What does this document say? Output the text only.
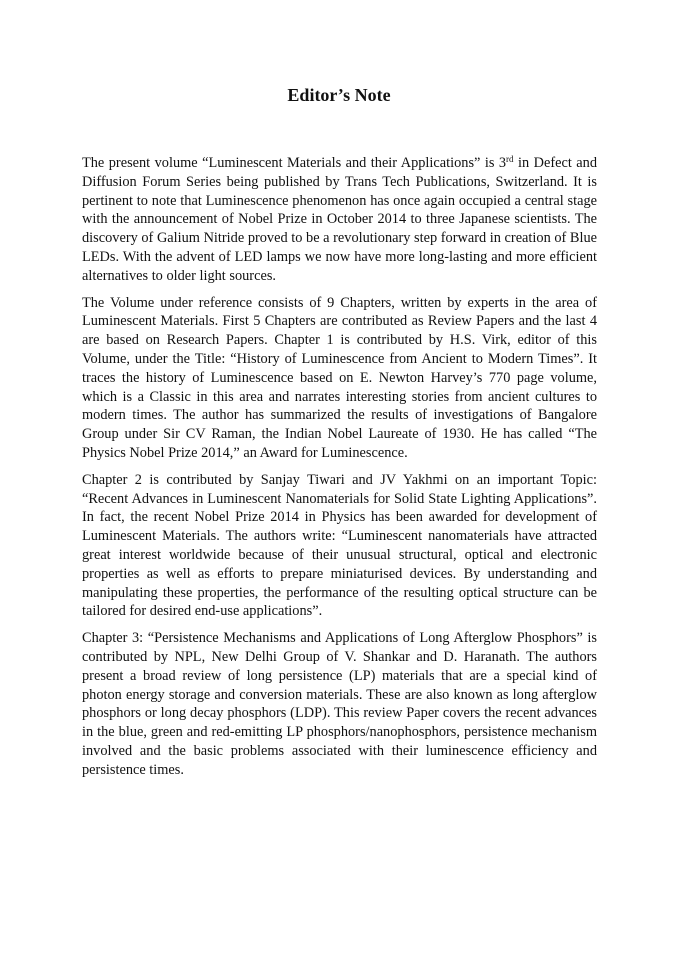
Editor’s Note

The present volume “Luminescent Materials and their Applications” is 3rd in Defect and Diffusion Forum Series being published by Trans Tech Publications, Switzerland. It is pertinent to note that Luminescence phenomenon has once again occupied a central stage with the announcement of Nobel Prize in October 2014 to three Japanese scientists. The discovery of Galium Nitride proved to be a revolutionary step forward in creation of Blue LEDs. With the advent of LED lamps we now have more long-lasting and more efficient alternatives to older light sources.

The Volume under reference consists of 9 Chapters, written by experts in the area of Luminescent Materials. First 5 Chapters are contributed as Review Papers and the last 4 are based on Research Papers. Chapter 1 is contributed by H.S. Virk, editor of this Volume, under the Title: “History of Luminescence from Ancient to Modern Times”. It traces the history of Luminescence based on E. Newton Harvey’s 770 page volume, which is a Classic in this area and narrates interesting stories from ancient cultures to modern times. The author has summarized the results of investigations of Bangalore Group under Sir CV Raman, the Indian Nobel Laureate of 1930. He has called “The Physics Nobel Prize 2014,” an Award for Luminescence.

Chapter 2 is contributed by Sanjay Tiwari and JV Yakhmi on an important Topic: “Recent Advances in Luminescent Nanomaterials for Solid State Lighting Applications”. In fact, the recent Nobel Prize 2014 in Physics has been awarded for development of Luminescent Materials. The authors write: “Luminescent nanomaterials have attracted great interest worldwide because of their unusual structural, optical and electronic properties as well as efforts to prepare miniaturised devices. By understanding and manipulating these properties, the performance of the resulting optical structure can be tailored for desired end-use applications”.

Chapter 3: “Persistence Mechanisms and Applications of Long Afterglow Phosphors” is contributed by NPL, New Delhi Group of V. Shankar and D. Haranath. The authors present a broad review of long persistence (LP) materials that are a special kind of photon energy storage and conversion materials. These are also known as long afterglow phosphors or long decay phosphors (LDP). This review Paper covers the recent advances in the blue, green and red-emitting LP phosphors/nanophosphors, persistence mechanism involved and the basic problems associated with their luminescence efficiency and persistence times.
